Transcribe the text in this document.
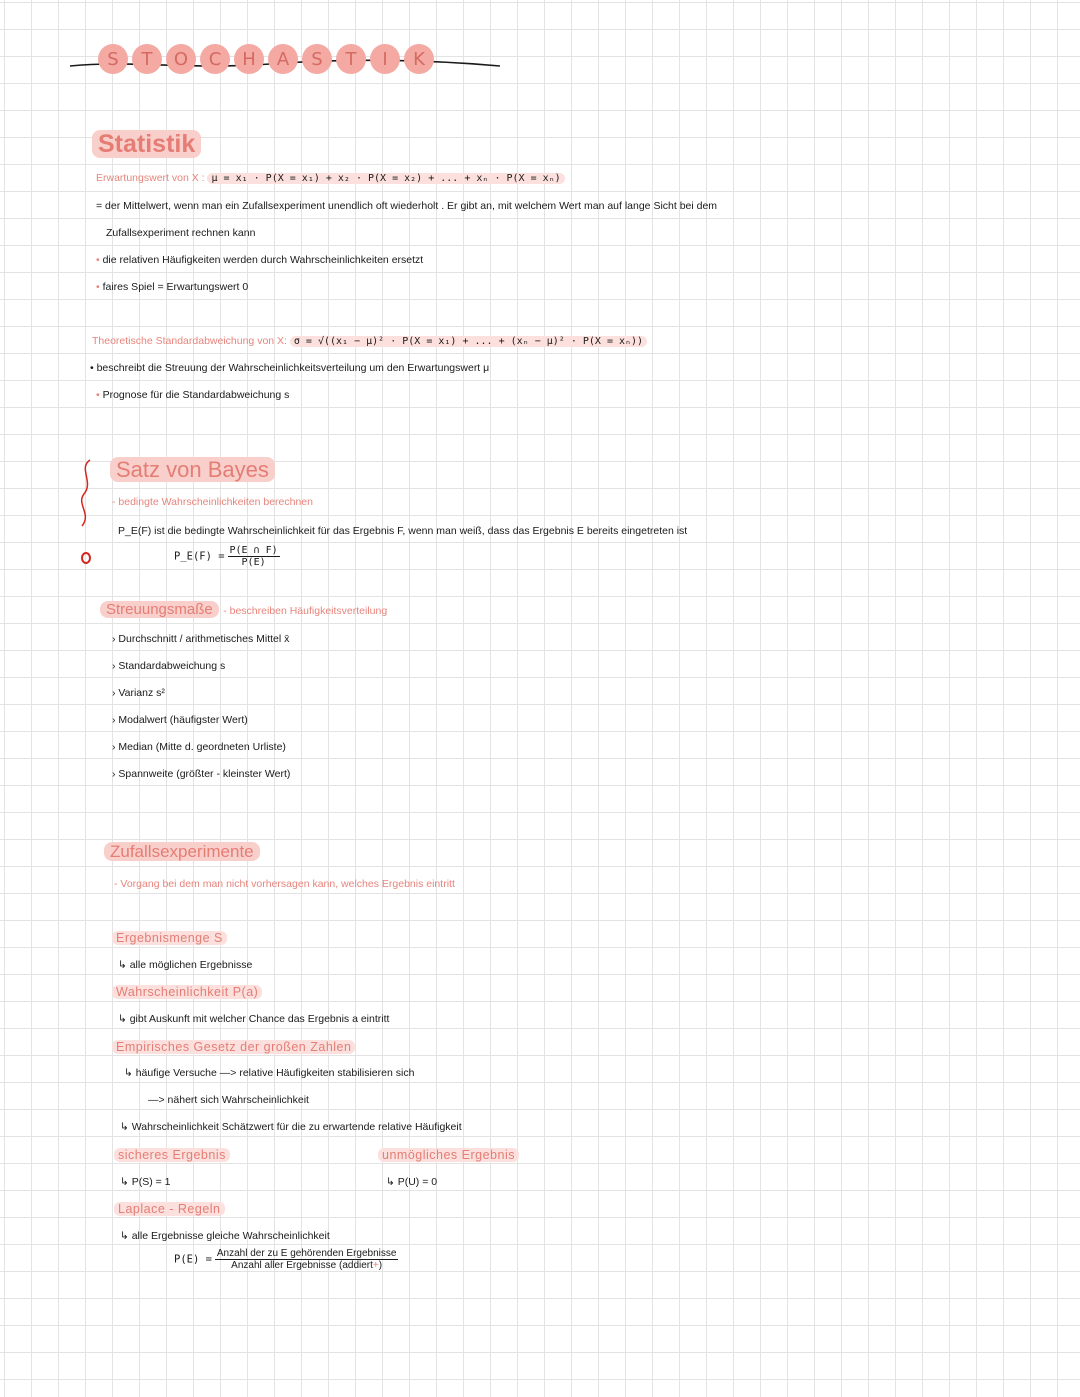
S	T	O	C	H	A	S	T	I	K
Statistik
Erwartungswert von X : μ = x₁ · P(X = x₁) + x₂ · P(X = x₂) + ... + xₙ · P(X = xₙ)
= der Mittelwert, wenn man ein Zufallsexperiment unendlich oft wiederholt . Er gibt an, mit welchem Wert man auf lange Sicht bei dem
Zufallsexperiment rechnen kann
• die relativen Häufigkeiten werden durch Wahrscheinlichkeiten ersetzt
• faires Spiel = Erwartungswert 0
Theoretische Standardabweichung von X: σ = √((x₁ − μ)² · P(X = x₁) + ... + (xₙ − μ)² · P(X = xₙ))
• beschreibt die Streuung der Wahrscheinlichkeitsverteilung um den Erwartungswert μ
• Prognose für die Standardabweichung s
Satz von Bayes
- bedingte Wahrscheinlichkeiten berechnen
P_E(F) ist die bedingte Wahrscheinlichkeit für das Ergebnis F, wenn man weiß, dass das Ergebnis E bereits eingetreten ist
P_E(F) = $\frac{P(E \cap F)}{P(E)}$
Streuungsmaße - beschreiben Häufigkeitsverteilung
› Durchschnitt / arithmetisches Mittel x̄
› Standardabweichung s
› Varianz s²
› Modalwert (häufigster Wert)
› Median (Mitte d. geordneten Urliste)
› Spannweite (größter - kleinster Wert)
Zufallsexperimente
- Vorgang bei dem man nicht vorhersagen kann, welches Ergebnis eintritt
Ergebnismenge S
↳ alle möglichen Ergebnisse
Wahrscheinlichkeit P(a)
↳ gibt Auskunft mit welcher Chance das Ergebnis a eintritt
Empirisches Gesetz der großen Zahlen
↳ häufige Versuche —> relative Häufigkeiten stabilisieren sich
—> nähert sich Wahrscheinlichkeit
↳ Wahrscheinlichkeit Schätzwert für die zu erwartende relative Häufigkeit
sicheres Ergebnis
↳ P(S) = 1
unmögliches Ergebnis
↳ P(U) = 0
Laplace - Regeln
↳ alle Ergebnisse gleiche Wahrscheinlichkeit
$P(E) = \frac{\text{Anzahl der zu E gehörenden Ergebnisse}}{\text{Anzahl aller Ergebnisse (addiert+)}}$
